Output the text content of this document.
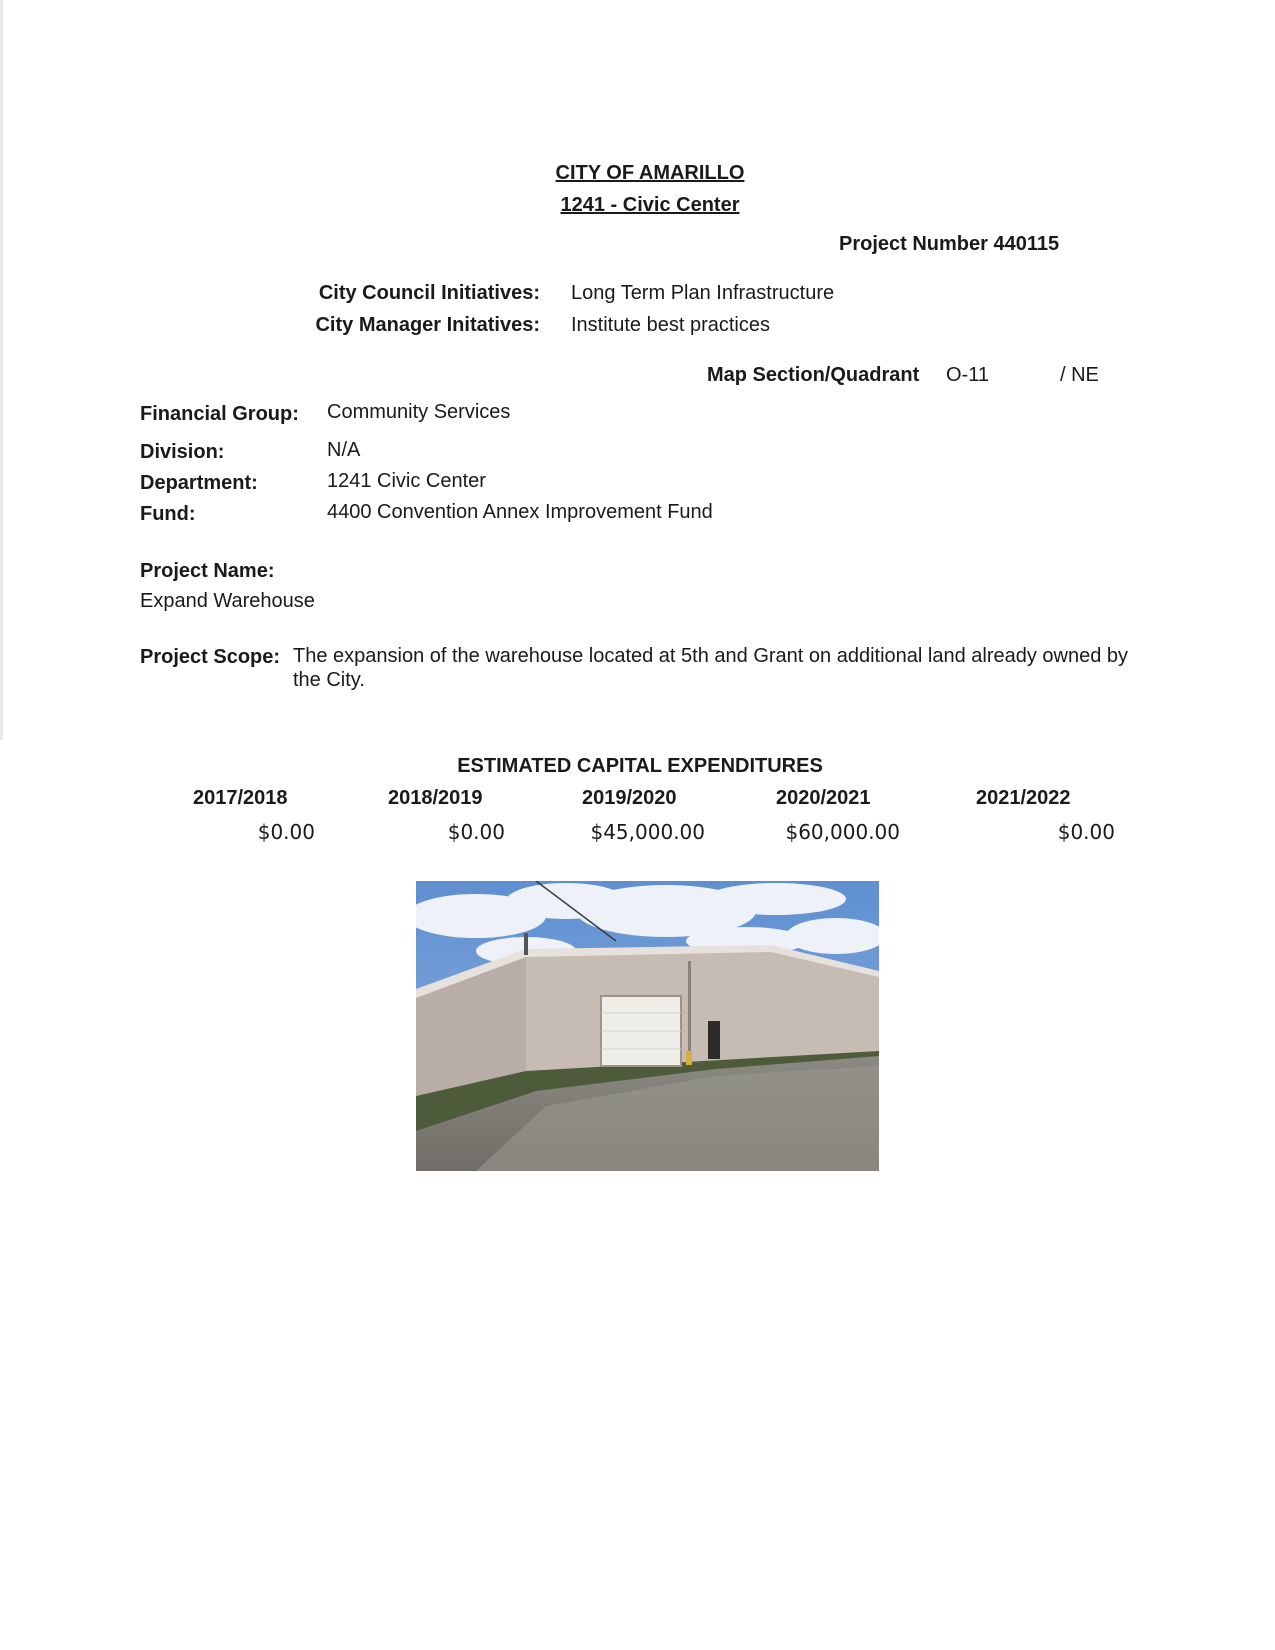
CITY OF AMARILLO
1241 - Civic Center
Project Number 440115
City Council Initiatives: Long Term Plan Infrastructure
City Manager Initatives: Institute best practices
Map Section/Quadrant O-11	/ NE
Financial Group: Community Services
Division:	N/A
Department:	1241 Civic Center
Fund:	4400 Convention Annex Improvement Fund
Project Name:
Expand Warehouse
Project Scope: The expansion of the warehouse located at 5th and Grant on additional land already owned by the City.
ESTIMATED CAPITAL EXPENDITURES
2017/2018	2018/2019	2019/2020	2020/2021	2021/2022
$0.00	$0.00	$45,000.00	$60,000.00	$0.00
